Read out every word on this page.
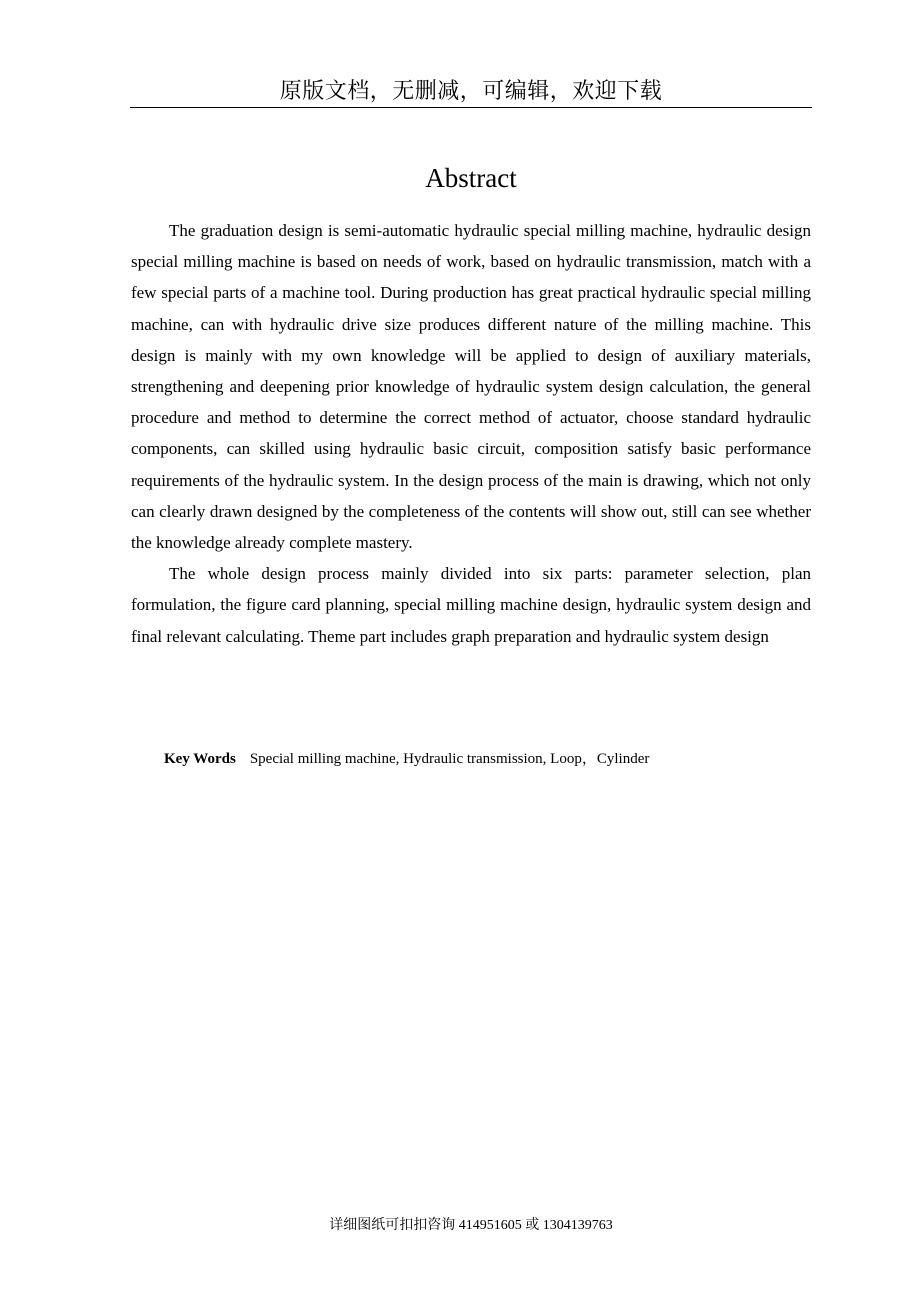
原版文档，无删减，可编辑，欢迎下载
Abstract

The graduation design is semi-automatic hydraulic special milling machine, hydraulic design special milling machine is based on needs of work, based on hydraulic transmission, match with a few special parts of a machine tool. During production has great practical hydraulic special milling machine, can with hydraulic drive size produces different nature of the milling machine. This design is mainly with my own knowledge will be applied to design of auxiliary materials, strengthening and deepening prior knowledge of hydraulic system design calculation, the general procedure and method to determine the correct method of actuator, choose standard hydraulic components, can skilled using hydraulic basic circuit, composition satisfy basic performance requirements of the hydraulic system. In the design process of the main is drawing, which not only can clearly drawn designed by the completeness of the contents will show out, still can see whether the knowledge already complete mastery.

The whole design process mainly divided into six parts: parameter selection, plan formulation, the figure card planning, special milling machine design, hydraulic system design and final relevant calculating. Theme part includes graph preparation and hydraulic system design

Key Words Special milling machine, Hydraulic transmission, Loop，Cylinder
详细图纸可扣扣咨询 414951605 或 1304139763
